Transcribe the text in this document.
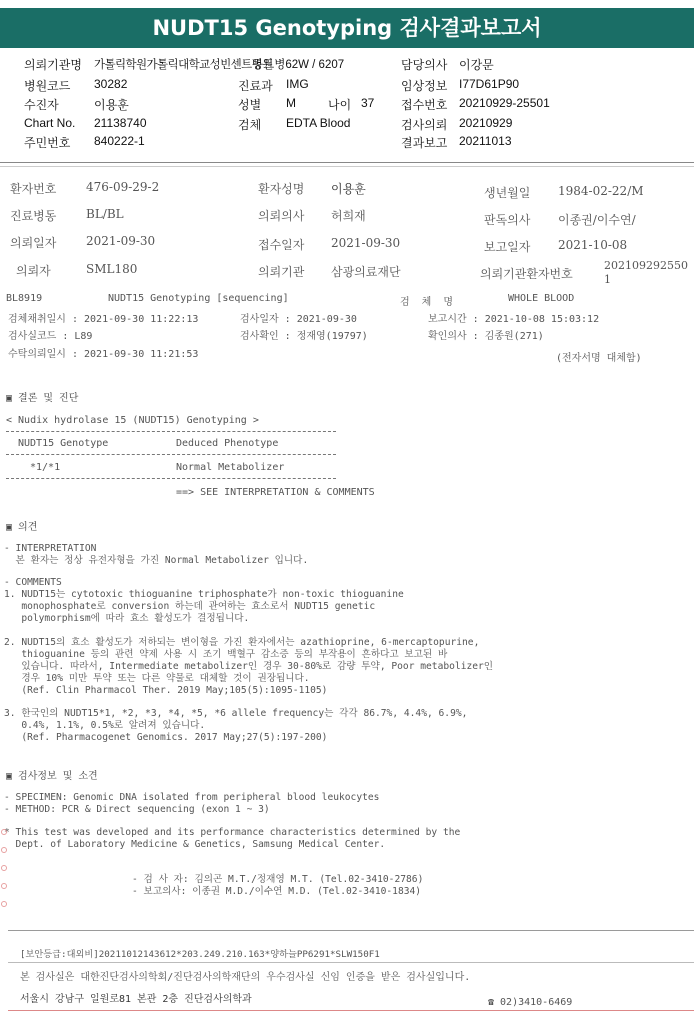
NUDT15 Genotyping 검사결과보고서
의뢰기관명 가톨릭학원가톨릭대학교성빈센트병원
동트병62W / 6207	담당의사 이강문
병원코드 30282	진료과 IMG	임상정보 I77D61P90
수진자	이용훈	성별 M	나이 37 접수번호 20210929-25501
Chart No. 21138740	검체 EDTA Blood	검사의뢰 20210929
주민번호 840222-1	결과보고 20211013
환자번호 476-09-29-2	환자성명 이용훈	생년월일 1984-02-22/M
진료병동 BL/BL	의뢰의사 허희재	판독의사 이종권/이수연/
의뢰일자 2021-09-30	접수일자 2021-09-30	보고일자 2021-10-08
의뢰자	SML180	의뢰기관 삼광의료재단	의뢰기관환자번호
202109292550
1
BL8919	NUDT15 Genotyping [sequencing]	검 체 명	WHOLE BLOOD
검체채취일시 : 2021-09-30 11:22:13	검사일자 : 2021-09-30	보고시간 : 2021-10-08 15:03:12
검사실코드 : L89	검사확인 : 정재영(19797)	확인의사 : 김종원(271)
수탁의뢰일시 : 2021-09-30 11:21:53	(전자서명 대체함)
▣ 결론 및 진단
< Nudix hydrolase 15 (NUDT15) Genotyping >
NUDT15 Genotype	Deduced Phenotype
*1/*1	Normal Metabolizer
==> SEE INTERPRETATION & COMMENTS
▣ 의견
- INTERPRETATION
본 환자는 정상 유전자형을 가진 Normal Metabolizer 입니다.
- COMMENTS
1. NUDT15는 cytotoxic thioguanine triphosphate가 non-toxic thioguanine
monophosphate로 conversion 하는데 관여하는 효소로서 NUDT15 genetic
polymorphism에 따라 효소 활성도가 결정됩니다.
2. NUDT15의 효소 활성도가 저하되는 변이형을 가진 환자에서는 azathioprine, 6-mercaptopurine,
thioguanine 등의 관련 약제 사용 시 조기 백혈구 감소증 등의 부작용이 흔하다고 보고된 바
있습니다. 따라서, Intermediate metabolizer인 경우 30-80%로 감량 투약, Poor metabolizer인
경우 10% 미만 투약 또는 다른 약물로 대체할 것이 권장됩니다.
(Ref. Clin Pharmacol Ther. 2019 May;105(5):1095-1105)
3. 한국인의 NUDT15*1, *2, *3, *4, *5, *6 allele frequency는 각각 86.7%, 4.4%, 6.9%,
0.4%, 1.1%, 0.5%로 알려져 있습니다.
(Ref. Pharmacogenet Genomics. 2017 May;27(5):197-200)
▣ 검사정보 및 소견
- SPECIMEN: Genomic DNA isolated from peripheral blood leukocytes
- METHOD: PCR & Direct sequencing (exon 1 ~ 3)
* This test was developed and its performance characteristics determined by the
Dept. of Laboratory Medicine & Genetics, Samsung Medical Center.
- 검 사 자: 김의곤 M.T./정재영 M.T. (Tel.02-3410-2786)
- 보고의사: 이종권 M.D./이수연 M.D. (Tel.02-3410-1834)
[보안등급:대외비]20211012143612*203.249.210.163*양하늘PP6291*SLW150F1
본 검사실은 대한진단검사의학회/진단검사의학재단의 우수검사실 신임 인증을 받은 검사실입니다.
서울시 강남구 일원로81 본관 2층 진단검사의학과	☎ 02)3410-6469
